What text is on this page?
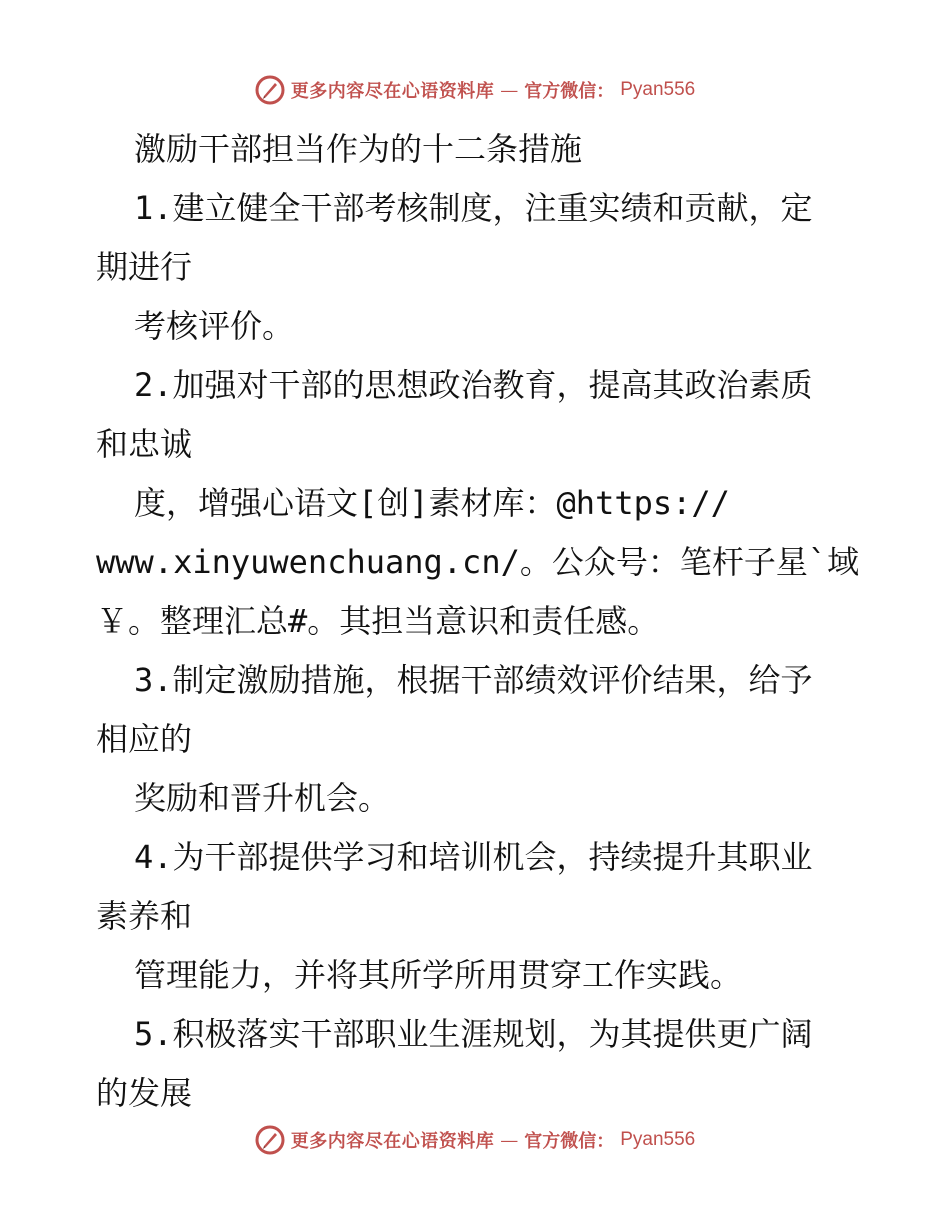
更多内容尽在心语资料库 — 官方微信： Pyan556
激励干部担当作为的十二条措施
1.建立健全干部考核制度，注重实绩和贡献，定
期进行
考核评价。
2.加强对干部的思想政治教育，提高其政治素质
和忠诚
度，增强心语文[创]素材库：@https://
www.xinyuwenchuang.cn/。公众号：笔杆子星`域
￥。整理汇总#。其担当意识和责任感。
3.制定激励措施，根据干部绩效评价结果，给予
相应的
奖励和晋升机会。
4.为干部提供学习和培训机会，持续提升其职业
素养和
管理能力，并将其所学所用贯穿工作实践。
5.积极落实干部职业生涯规划，为其提供更广阔
的发展
更多内容尽在心语资料库 — 官方微信： Pyan556
